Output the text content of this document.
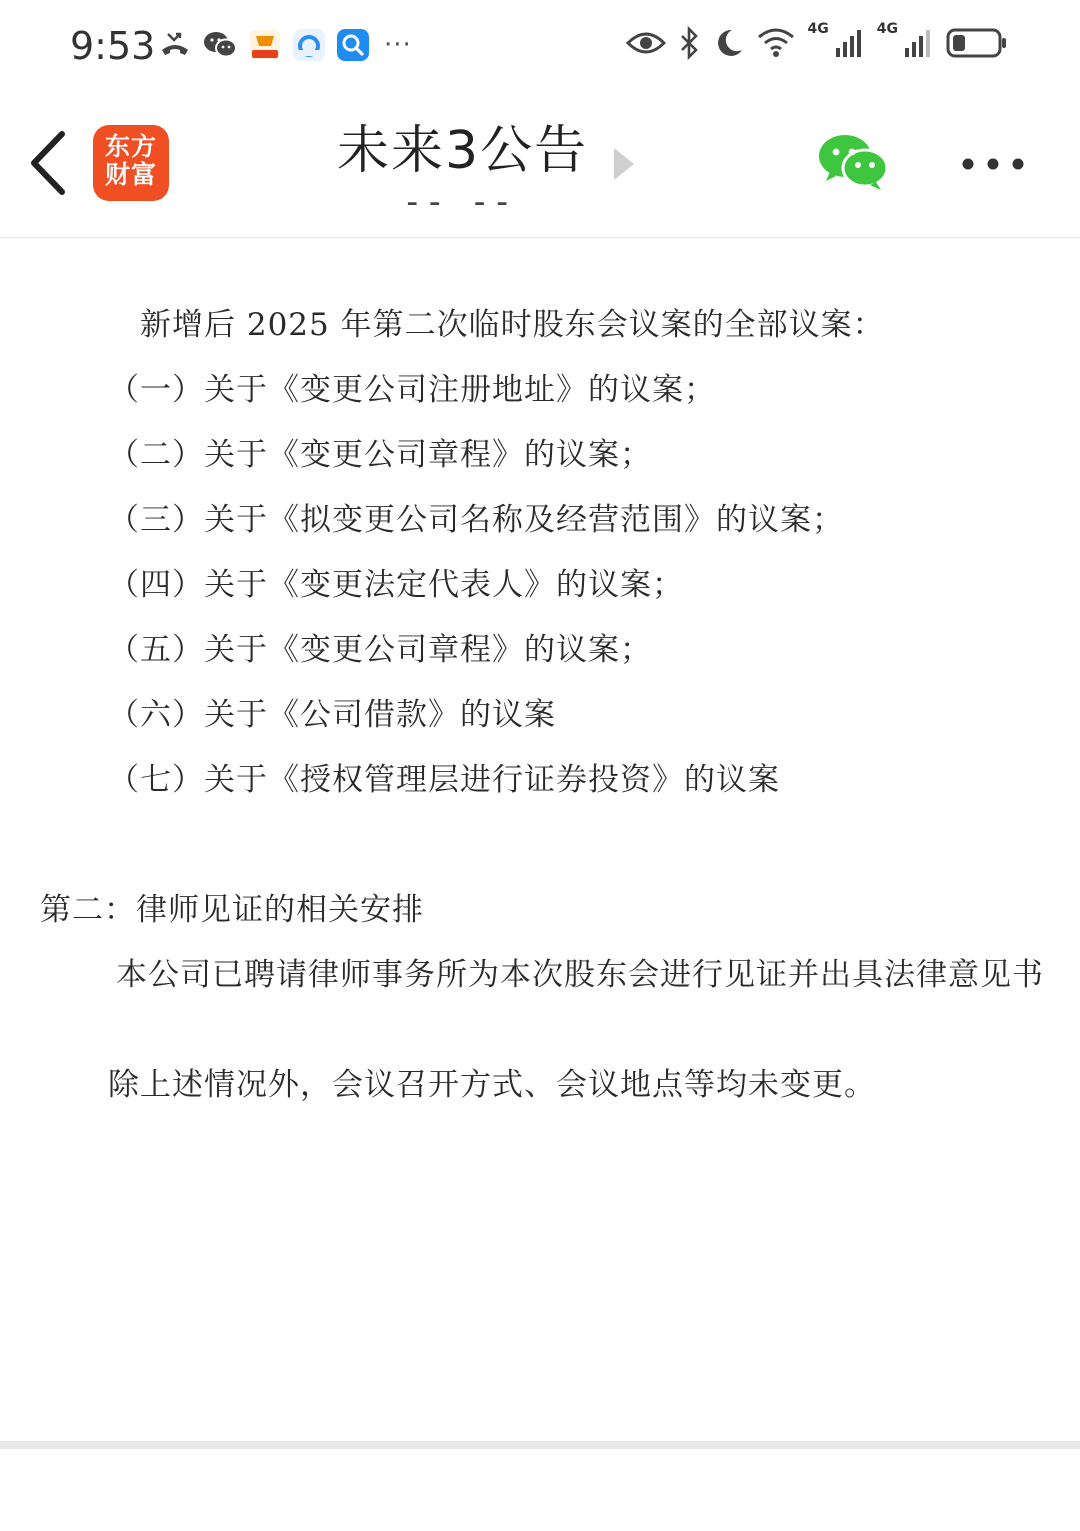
9:53	···
4G	4G
东方
财富	未来3公告
-- --
新增后 2025 年第二次临时股东会议案的全部议案：
（一）关于《变更公司注册地址》的议案；
（二）关于《变更公司章程》的议案；
（三）关于《拟变更公司名称及经营范围》的议案；
（四）关于《变更法定代表人》的议案；
（五）关于《变更公司章程》的议案；
（六）关于《公司借款》的议案
（七）关于《授权管理层进行证券投资》的议案
第二：律师见证的相关安排
本公司已聘请律师事务所为本次股东会进行见证并出具法律意见书
除上述情况外，会议召开方式、会议地点等均未变更。
